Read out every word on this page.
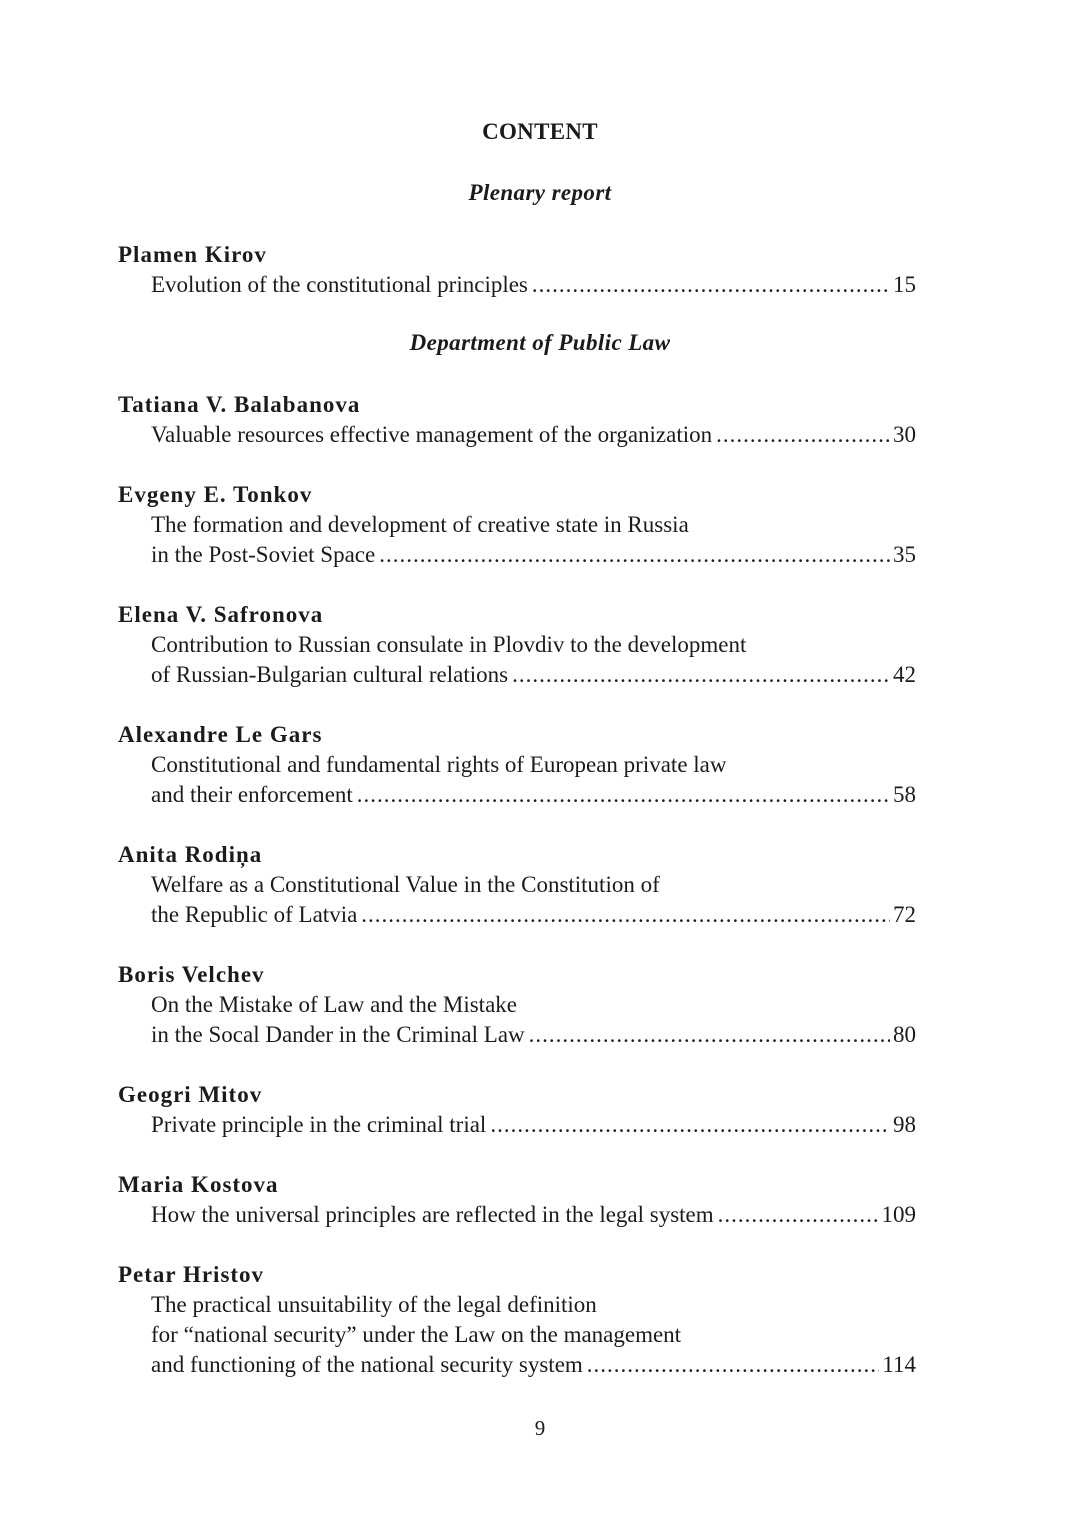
CONTENT
Plenary report
Plamen Kirov
Evolution of the constitutional principles .....	15
Department of Public Law
Tatiana V. Balabanova
Valuable resources effective management of the organization .....	30
Evgeny E. Tonkov
The formation and development of creative state in Russia
in the Post-Soviet Space .....	35
Elena V. Safronova
Contribution to Russian consulate in Plovdiv to the development
of Russian-Bulgarian cultural relations .....	42
Alexandre Le Gars
Constitutional and fundamental rights of European private law
and their enforcement .....	58
Anita Rodiņa
Welfare as a Constitutional Value in the Constitution of
the Republic of Latvia .....	72
Boris Velchev
On the Mistake of Law and the Mistake
in the Socal Dander in the Criminal Law .....	80
Geogri Mitov
Private principle in the criminal trial .....	98
Maria Kostova
How the universal principles are reflected in the legal system .....	109
Petar Hristov
The practical unsuitability of the legal definition
for “national security” under the Law on the management
and functioning of the national security system .....	114
9
